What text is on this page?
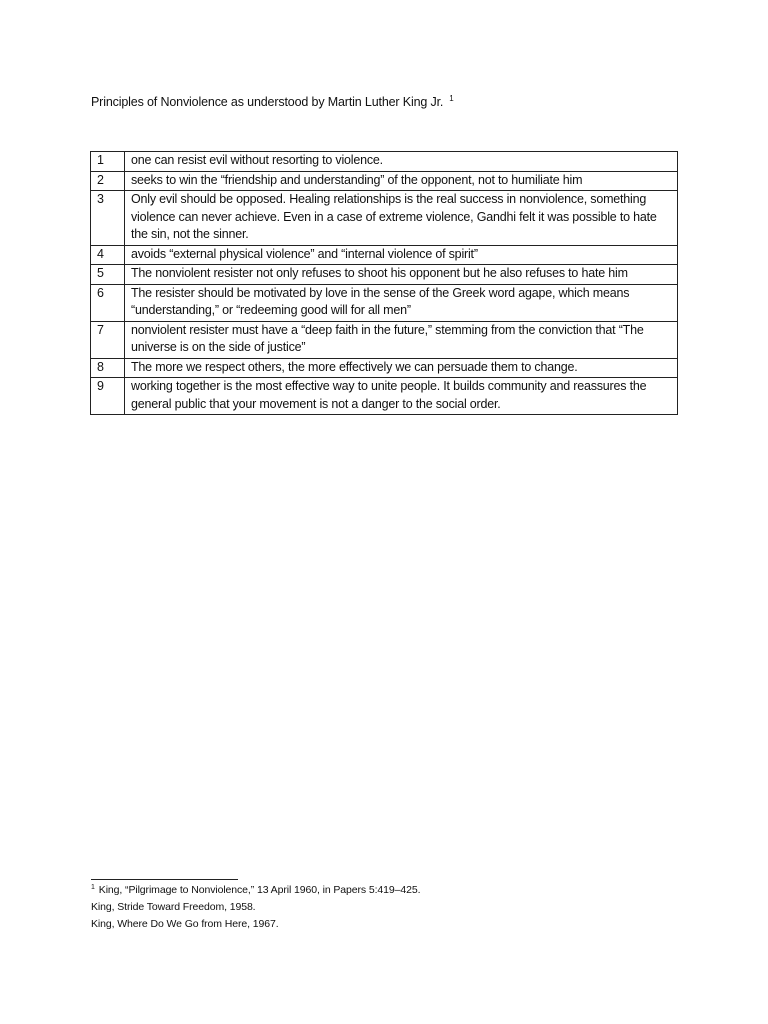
Principles of Nonviolence as understood by Martin Luther King Jr. $^1$
1	one can resist evil without resorting to violence.
2	seeks to win the “friendship and understanding” of the opponent, not to humiliate him
3	Only evil should be opposed. Healing relationships is the real success in nonviolence, something violence can never achieve. Even in a case of extreme violence, Gandhi felt it was possible to hate the sin, not the sinner.
4	avoids “external physical violence” and “internal violence of spirit”
5	The nonviolent resister not only refuses to shoot his opponent but he also refuses to hate him
6	The resister should be motivated by love in the sense of the Greek word agape, which means “understanding,” or “redeeming good will for all men”
7	nonviolent resister must have a “deep faith in the future,” stemming from the conviction that “The universe is on the side of justice”
8	The more we respect others, the more effectively we can persuade them to change.
9	working together is the most effective way to unite people. It builds community and reassures the general public that your movement is not a danger to the social order.
$^1$ King, “Pilgrimage to Nonviolence,” 13 April 1960, in Papers 5:419–425.
King, Stride Toward Freedom, 1958.
King, Where Do We Go from Here, 1967.
